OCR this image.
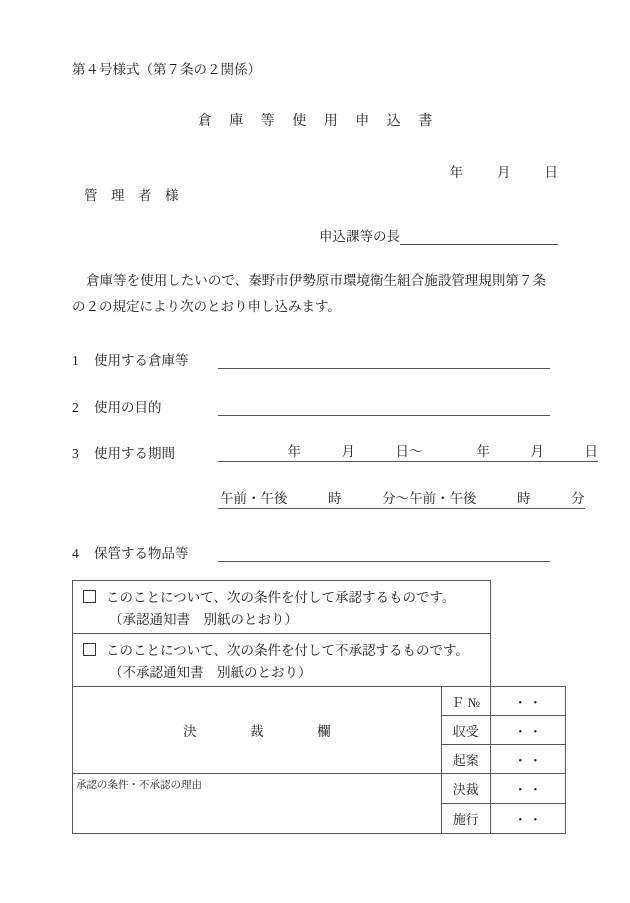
第４号様式（第７条の２関係）
倉 庫 等 使 用 申 込 書
年	月	日
管　理　者　様
申込課等の長
倉庫等を使用したいので、秦野市伊勢原市環境衛生組合施設管理規則第７条の２の規定により次のとおり申し込みます。
1	使用する倉庫等
2	使用の目的
3	使用する期間	　　　　　年　　　月　　　日〜　　　　年　　　月　　　日
午前・午後　　　時　　　分〜午前・午後　　　時　　　分
4	保管する物品等
このことについて、次の条件を付して承認するものです。
（承認通知書　別紙のとおり）		

このことについて、次の条件を付して不承認するものです。
（不承認通知書　別紙のとおり）		

決　裁　欄	Ｆ №	・ ・

	収受	・ ・

	起案	・ ・

承認の条件・不承認の理由	決裁	・ ・

	施行	・ ・
